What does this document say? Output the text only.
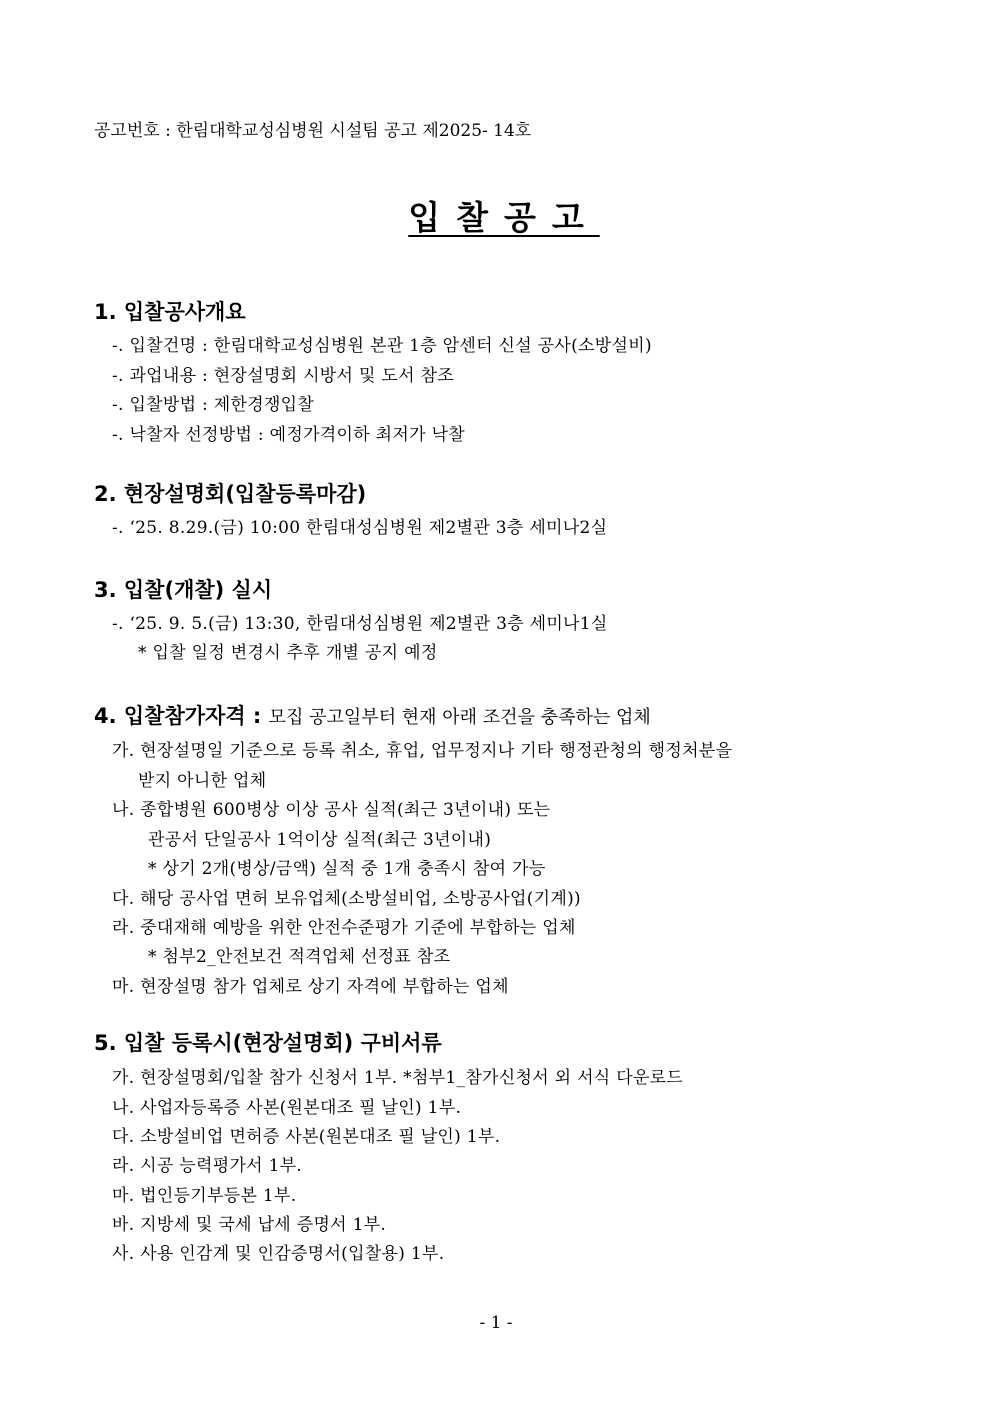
공고번호 : 한림대학교성심병원 시설팀 공고 제2025- 14호
입찰공고
1. 입찰공사개요
-. 입찰건명 : 한림대학교성심병원 본관 1층 암센터 신설 공사(소방설비)
-. 과업내용 : 현장설명회 시방서 및 도서 참조
-. 입찰방법 : 제한경쟁입찰
-. 낙찰자 선정방법 : 예정가격이하 최저가 낙찰
2. 현장설명회(입찰등록마감)
-. ‘25. 8.29.(금) 10:00 한림대성심병원 제2별관 3층 세미나2실
3. 입찰(개찰) 실시
-. ‘25. 9. 5.(금) 13:30, 한림대성심병원 제2별관 3층 세미나1실
* 입찰 일정 변경시 추후 개별 공지 예정
4. 입찰참가자격 : 모집 공고일부터 현재 아래 조건을 충족하는 업체
가. 현장설명일 기준으로 등록 취소, 휴업, 업무정지나 기타 행정관청의 행정처분을
받지 아니한 업체
나. 종합병원 600병상 이상 공사 실적(최근 3년이내) 또는
관공서 단일공사 1억이상 실적(최근 3년이내)
* 상기 2개(병상/금액) 실적 중 1개 충족시 참여 가능
다. 해당 공사업 면허 보유업체(소방설비업, 소방공사업(기계))
라. 중대재해 예방을 위한 안전수준평가 기준에 부합하는 업체
* 첨부2_안전보건 적격업체 선정표 참조
마. 현장설명 참가 업체로 상기 자격에 부합하는 업체
5. 입찰 등록시(현장설명회) 구비서류
가. 현장설명회/입찰 참가 신청서 1부. *첨부1_참가신청서 외 서식 다운로드
나. 사업자등록증 사본(원본대조 필 날인) 1부.
다. 소방설비업 면허증 사본(원본대조 필 날인) 1부.
라. 시공 능력평가서 1부.
마. 법인등기부등본 1부.
바. 지방세 및 국세 납세 증명서 1부.
사. 사용 인감계 및 인감증명서(입찰용) 1부.
- 1 -
